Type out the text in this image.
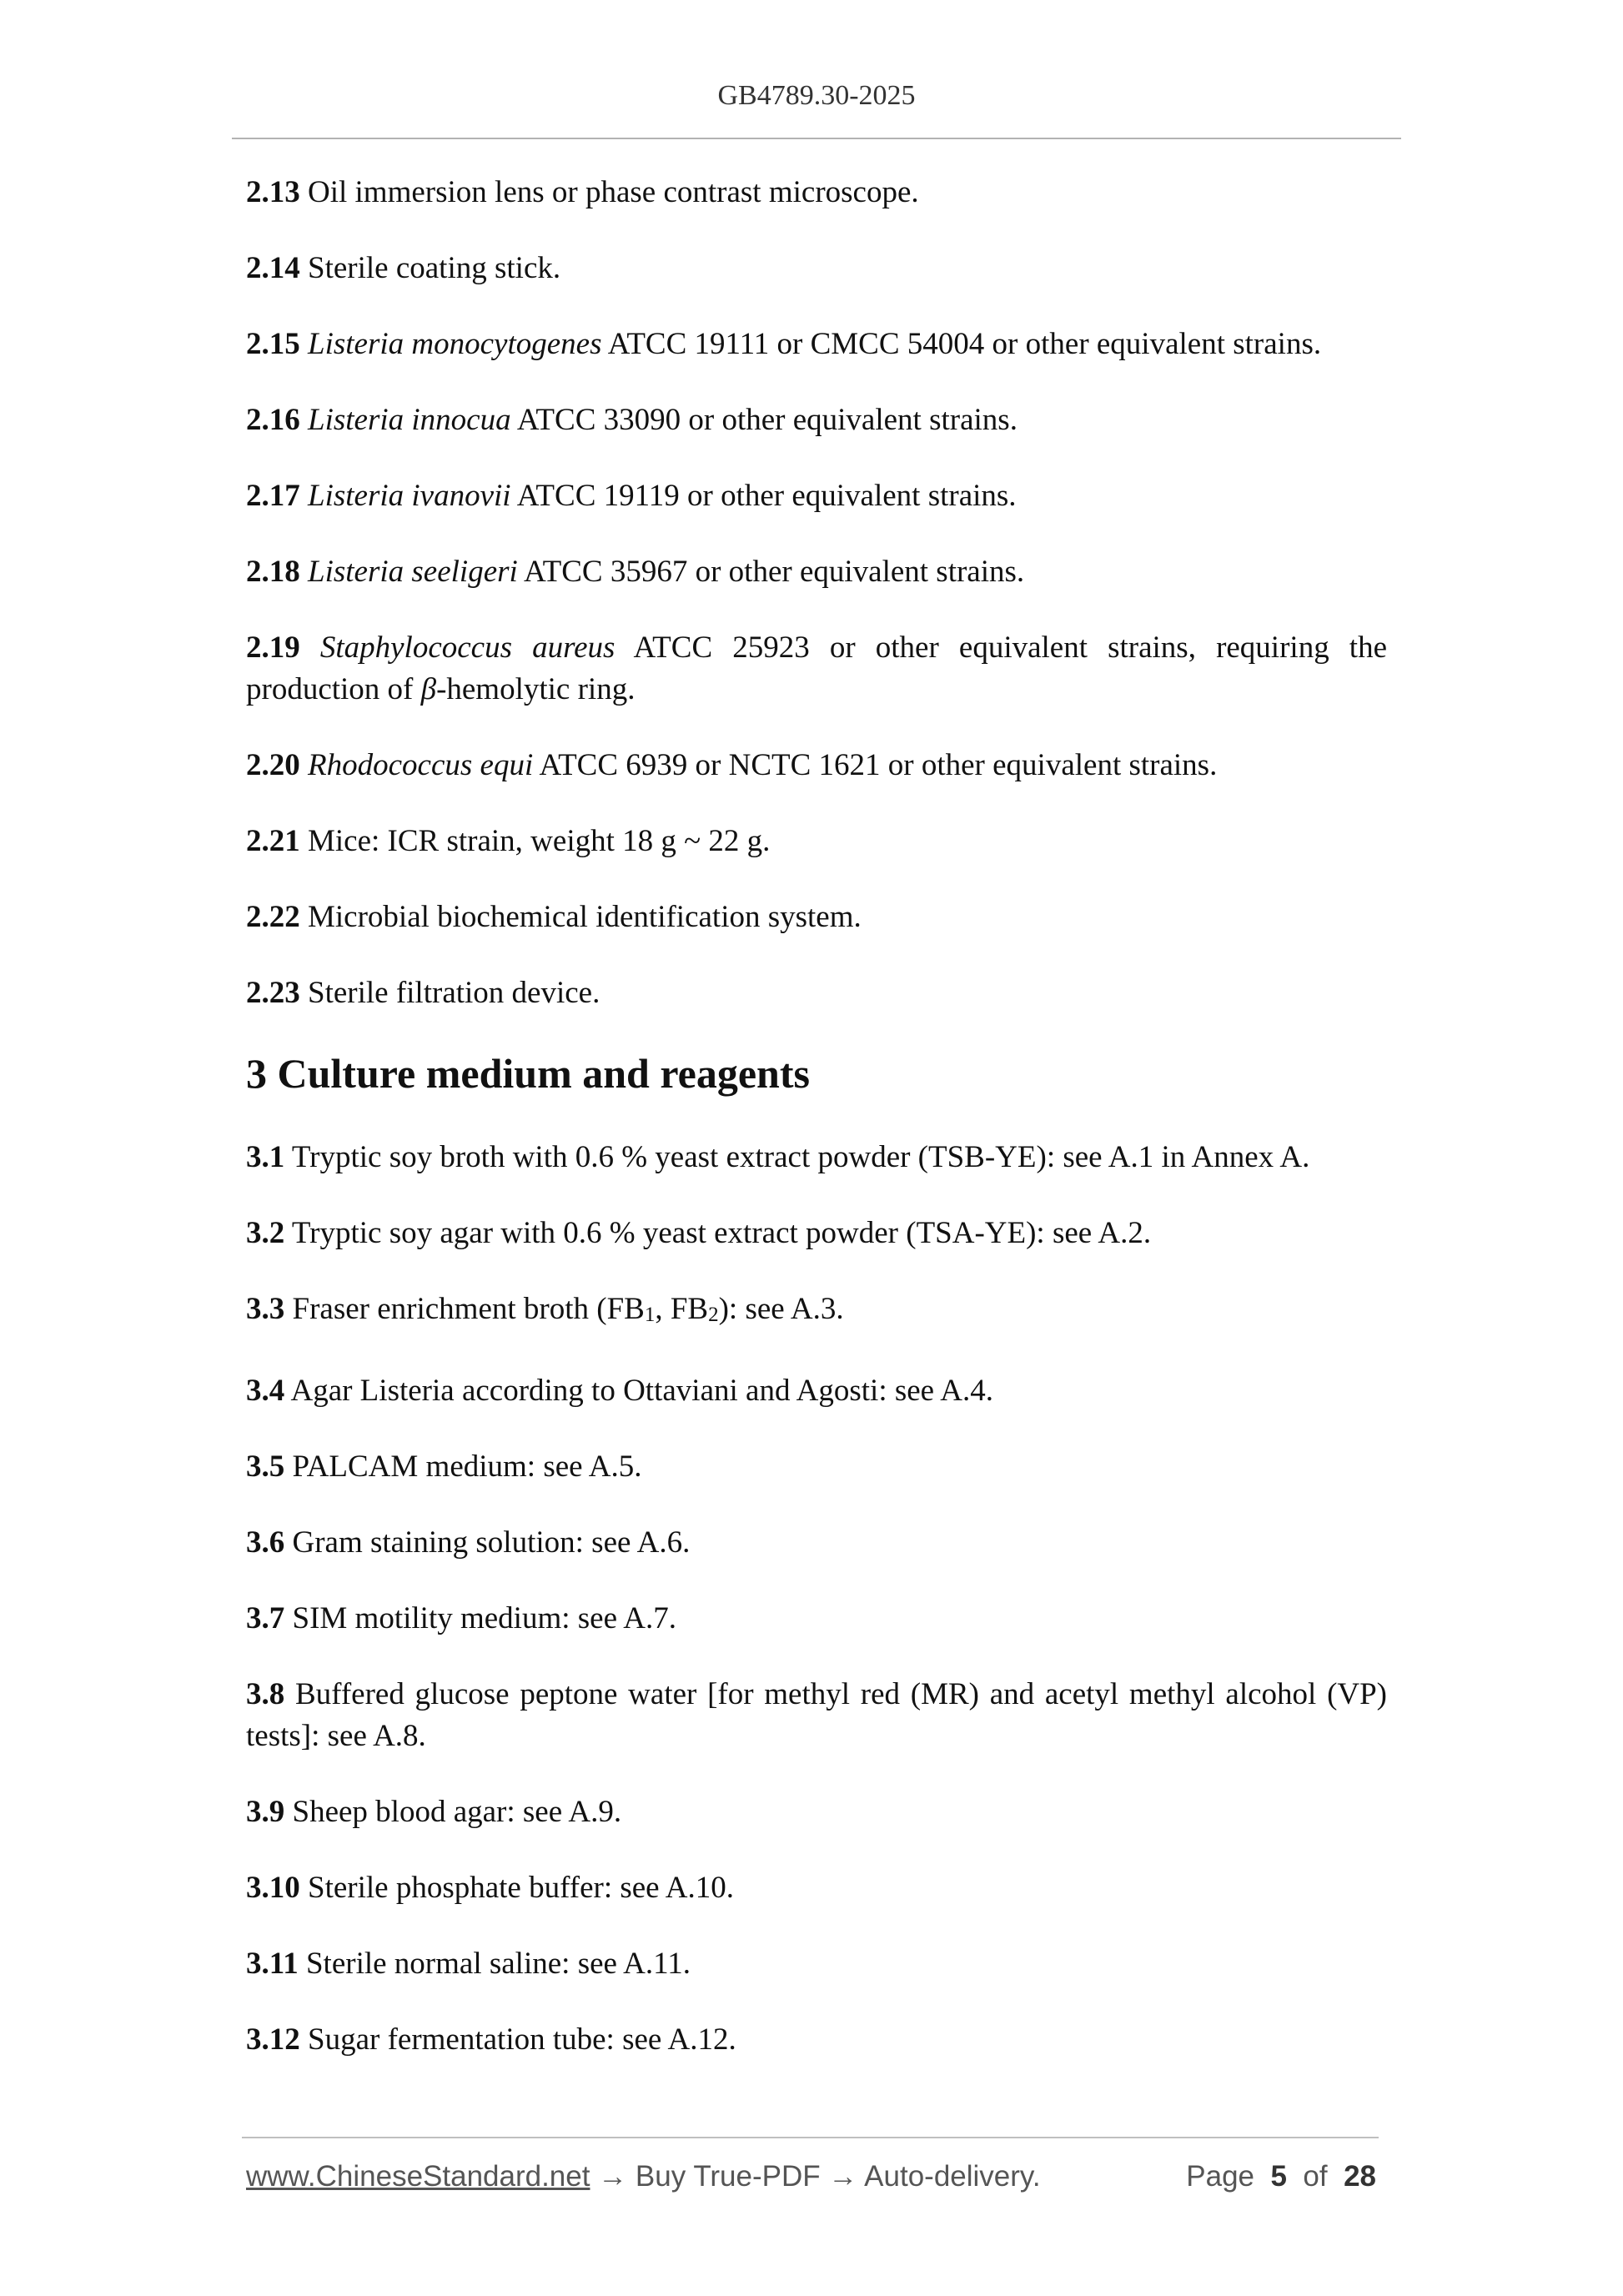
GB4789.30-2025

2.13 Oil immersion lens or phase contrast microscope.

2.14 Sterile coating stick.

2.15 Listeria monocytogenes ATCC 19111 or CMCC 54004 or other equivalent strains.

2.16 Listeria innocua ATCC 33090 or other equivalent strains.

2.17 Listeria ivanovii ATCC 19119 or other equivalent strains.

2.18 Listeria seeligeri ATCC 35967 or other equivalent strains.

2.19 Staphylococcus aureus ATCC 25923 or other equivalent strains, requiring the production of β-hemolytic ring.

2.20 Rhodococcus equi ATCC 6939 or NCTC 1621 or other equivalent strains.

2.21 Mice: ICR strain, weight 18 g ~ 22 g.

2.22 Microbial biochemical identification system.

2.23 Sterile filtration device.

3 Culture medium and reagents

3.1 Tryptic soy broth with 0.6 % yeast extract powder (TSB-YE): see A.1 in Annex A.

3.2 Tryptic soy agar with 0.6 % yeast extract powder (TSA-YE): see A.2.

3.3 Fraser enrichment broth (FB1, FB2): see A.3.

3.4 Agar Listeria according to Ottaviani and Agosti: see A.4.

3.5 PALCAM medium: see A.5.

3.6 Gram staining solution: see A.6.

3.7 SIM motility medium: see A.7.

3.8 Buffered glucose peptone water [for methyl red (MR) and acetyl methyl alcohol (VP) tests]: see A.8.

3.9 Sheep blood agar: see A.9.

3.10 Sterile phosphate buffer: see A.10.

3.11 Sterile normal saline: see A.11.

3.12 Sugar fermentation tube: see A.12.

www.ChineseStandard.net → Buy True-PDF → Auto-delivery.	Page 5 of 28
